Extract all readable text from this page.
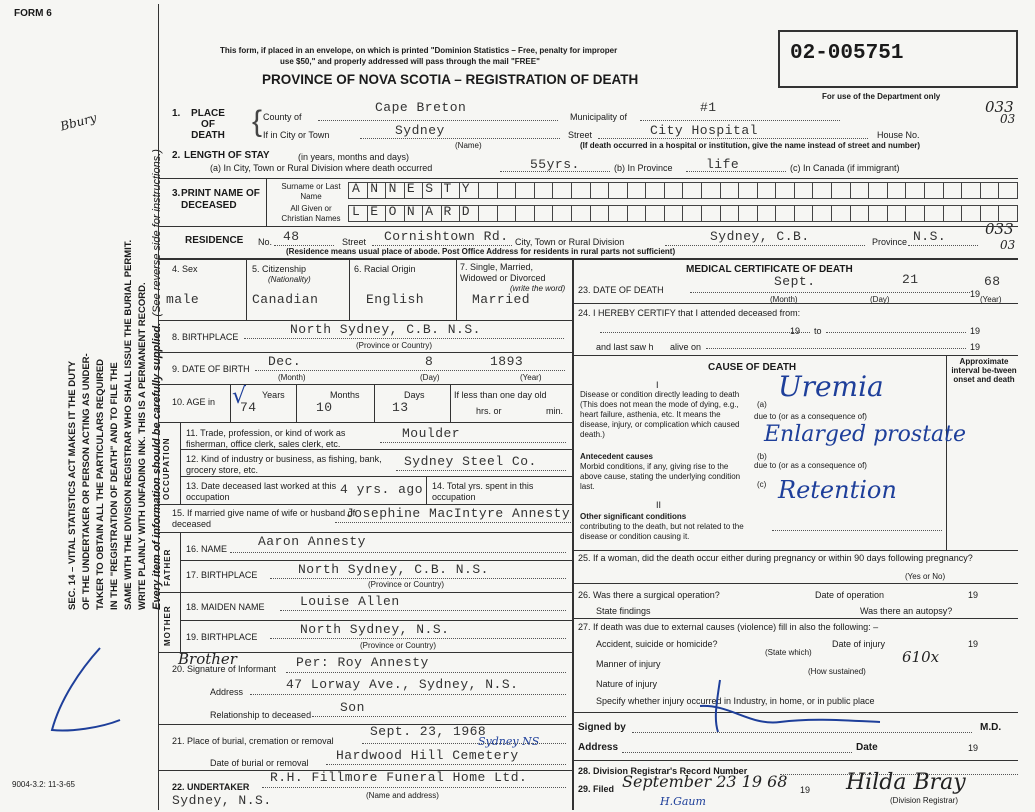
FORM 6
Bbury
SEC. 14 – VITAL STATISTICS ACT MAKES IT THE DUTY OF THE UNDERTAKER OR PERSON ACTING AS UNDER- TAKER TO OBTAIN ALL THE PARTICULARS REQUIRED IN THE "REGISTRATION OF DEATH" AND TO FILE THE SAME WITH THE DIVISION REGISTRAR WHO SHALL ISSUE THE BURIAL PERMIT. WRITE PLAINLY WITH UNFADING INK. THIS IS A PERMANENT RECORD. Every item of information should be carefully supplied.  (See reverse side for instructions.)
9004-3.2: 11-3-65
This form, if placed in an envelope, on which is printed "Dominion Statistics – Free, penalty for improper
use $50," and properly addressed will pass through the mail "FREE"
PROVINCE OF NOVA SCOTIA – REGISTRATION OF DEATH
02-005751
For use of the Department only
033
03
033
03
1.	PLACE OF DEATH { County of
Cape Breton
Municipality of
#1
If in City or Town	Sydney
(Name)
Street	City Hospital	House No.
(If death occurred in a hospital or institution, give the name instead of street and number)
2. LENGTH OF STAY	(in years, months and days)
(a) In City, Town or Rural Division where death occurred	55yrs.	(b) In Province	life	(c) In Canada (if immigrant)
3. PRINT NAME OF DECEASED
Surname or Last Name
All Given or Christian Names
ANNESTY
LEONARD
RESIDENCE No. 48	Street Cornishtown Rd. City, Town or Rural Division	Sydney, C.B.	Province N.S.
(Residence means usual place of abode. Post Office Address for residents in rural parts not sufficient)
4. Sex
male
5. Citizenship
(Nationality)
Canadian
6. Racial Origin
English
7. Single, Married, Widowed or Divorced
(write the word)
Married
8. BIRTHPLACE	North Sydney, C.B. N.S.
(Province or Country)
9. DATE OF BIRTH Dec.	8	1893
(Month)	(Day)	(Year)
10. AGE in
Years
74
√	Months
10
Days
13
If less than one day old
hrs. or	min.
OCCUPATION
11. Trade, profession, or kind of work as fisherman, office clerk, sales clerk, etc.
Moulder
12. Kind of industry or business, as fishing, bank, grocery store, etc.
Sydney Steel Co.
13. Date deceased last worked at this occupation	4 yrs. ago 14. Total yrs. spent in this occupation
15. If married give name of wife or husband of deceased
Josephine MacIntyre Annesty
FATHER 16. NAME Aaron Annesty
17. BIRTHPLACE	North Sydney, C.B. N.S.
(Province or Country)
MOTHER 18. MAIDEN NAME	Louise Allen
19. BIRTHPLACE	North Sydney, N.S.
(Province or Country)
20. Signature of Informant
Brother	Per: Roy Annesty
Address	47 Lorway Ave., Sydney, N.S.
Relationship to deceased Son
21. Place of burial, cremation or removal
Sept. 23, 1968
Sydney NS
Date of burial or removal Hardwood Hill Cemetery
22. UNDERTAKER
R.H. Fillmore Funeral Home Ltd.
Sydney, N.S.	(Name and address)
MEDICAL CERTIFICATE OF DEATH
23. DATE OF DEATH
Sept.	21	68
19
(Month)	(Day)	(Year)
24. I HEREBY CERTIFY that I attended deceased from:
19 to	19
and last saw h alive on	19
CAUSE OF DEATH
Approximate interval be-tween onset and death
I
Disease or condition directly leading to death (This does not mean the mode of dying, e.g., heart failure, asthenia, etc. It means the disease, injury, or complication which caused death.)
(a)
Uremia
due to (or as a consequence of)
Antecedent causes
Morbid conditions, if any, giving rise to the above cause, stating the underlying condition last.
(b)
Enlarged prostate
due to (or as a consequence of)
(c) Retention
II
Other significant conditions
contributing to the death, but not related to the disease or condition causing it.
25. If a woman, did the death occur either during pregnancy or within 90 days following pregnancy?
(Yes or No)
26. Was there a surgical operation?	Date of operation	19
State findings	Was there an autopsy?
27. If death was due to external causes (violence) fill in also the following: –
Accident, suicide or homicide?	Date of injury	19
(State which)	610x
Manner of injury
(How sustained)
Nature of injury
Specify whether injury occurred in Industry, in home, or in public place
Signed by	M.D.
Address	Date	19
28. Division Registrar's Record Number
29. Filed September 23 19 68 19 Hilda Bray
(Division Registrar)
H.Gaum
